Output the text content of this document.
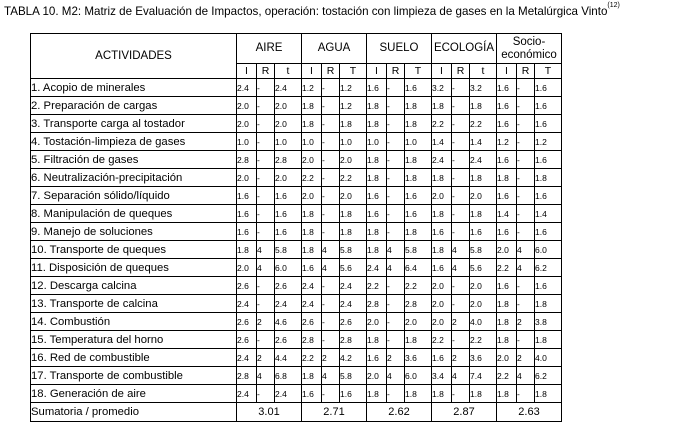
TABLA 10. M2: Matriz de Evaluación de Impactos, operación: tostación con limpieza de gases en la Metalúrgica Vinto$^{(12)}$
ACTIVIDADES	AIRE			AGUA			SUELO			ECOLOGÍA			Socio-económico		
	I	R	t	I	R	T	I	R	T	I	R	t	I	R	T
1. Acopio de minerales	2.4	-	2.4	1.2	-	1.2	1.6	-	1.6	3.2	-	3.2	1.6	-	1.6
2. Preparación de cargas	2.0	-	2.0	1.8	-	1.2	1.8	-	1.8	1.8	-	1.8	1.6	-	1.6
3. Transporte carga al tostador	2.0	-	2.0	1.8	-	1.8	1.8	-	1.8	2.2	-	2.2	1.6	-	1.6
4. Tostación-limpieza de gases	1.0	-	1.0	1.0	-	1.0	1.0	-	1.0	1.4	-	1.4	1.2	-	1.2
5. Filtración de gases	2.8	-	2.8	2.0	-	2.0	1.8	-	1.8	2.4	-	2.4	1.6	-	1.6
6. Neutralización-precipitación	2.0	-	2.0	2.2	-	2.2	1.8	-	1.8	1.8	-	1.8	1.8	-	1.8
7. Separación sólido/líquido	1.6	-	1.6	2.0	-	2.0	1.6	-	1.6	2.0	-	2.0	1.6	-	1.6
8. Manipulación de queques	1.6	-	1.6	1.8	-	1.8	1.6	-	1.6	1.8	-	1.8	1.4	-	1.4
9. Manejo de soluciones	1.6	-	1.6	1.8	-	1.8	1.8	-	1.8	1.6	-	1.6	1.6	-	1.6
10. Transporte de queques	1.8	4	5.8	1.8	4	5.8	1.8	4	5.8	1.8	4	5.8	2.0	4	6.0
11. Disposición de queques	2.0	4	6.0	1.6	4	5.6	2.4	4	6.4	1.6	4	5.6	2.2	4	6.2
12. Descarga calcina	2.6	-	2.6	2.4	-	2.4	2.2	-	2.2	2.0	-	2.0	1.6	-	1.6
13. Transporte de calcina	2.4	-	2.4	2.4	-	2.4	2.8	-	2.8	2.0	-	2.0	1.8	-	1.8
14. Combustión	2.6	2	4.6	2.6	-	2.6	2.0	-	2.0	2.0	2	4.0	1.8	2	3.8
15. Temperatura del horno	2.6	-	2.6	2.8	-	2.8	1.8	-	1.8	2.2	-	2.2	1.8	-	1.8
16. Red de combustible	2.4	2	4.4	2.2	2	4.2	1.6	2	3.6	1.6	2	3.6	2.0	2	4.0
17. Transporte de combustible	2.8	4	6.8	1.8	4	5.8	2.0	4	6.0	3.4	4	7.4	2.2	4	6.2
18. Generación de aire	2.4	-	2.4	1.6	-	1.6	1.8	-	1.8	1.8	-	1.8	1.8	-	1.8
Sumatoria / promedio	3.01			2.71			2.62			2.87			2.63		
